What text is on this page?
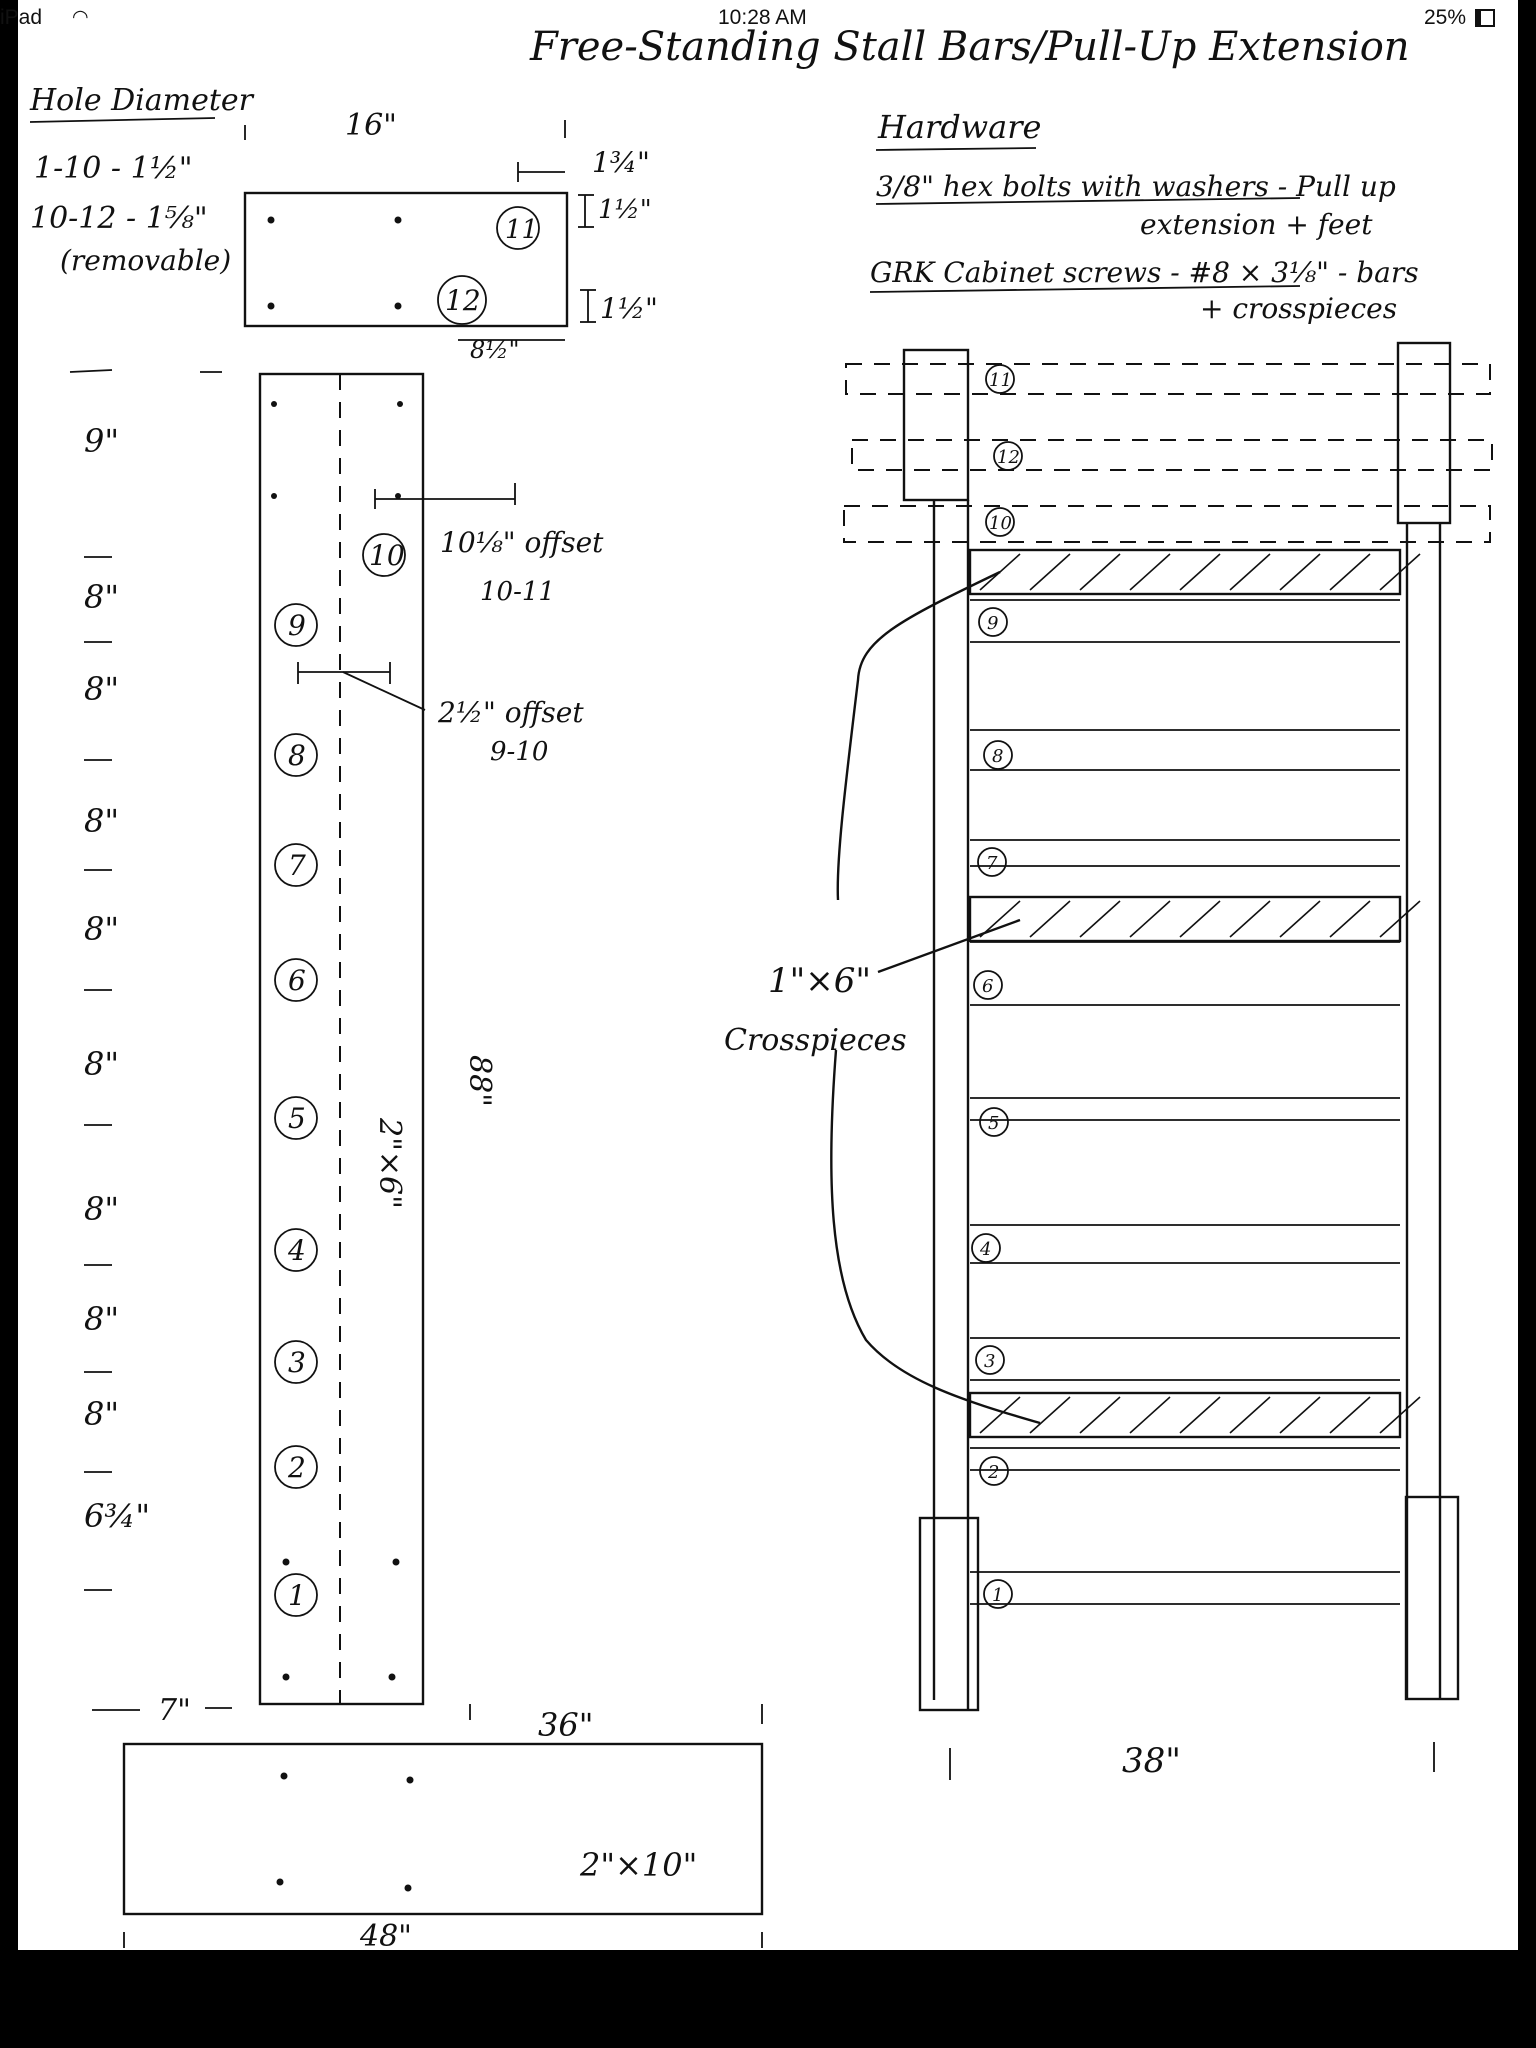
iPad ◠	10:28 AM	25%
Free-Standing Stall Bars/Pull-Up Extension
Hole Diameter
1-10 - 1½"
10-12 - 1⅝"
(removable)
16"
1¾"
1½"
1½"
8½"
11
12
2"×6"
88"
9"
8"
8"
8"
8"
8"
8"
8"
8"
6¾"
10
9
8
7
6
5
4
3
2
1
10⅛" offset
10-11
2½" offset
9-10
7"	36"
2"×10"
48"
Hardware
3/8" hex bolts with washers - Pull up
extension + feet
GRK Cabinet screws - #8 × 3⅛" - bars
+ crosspieces
11
12
10
9
8
7
6
5
4
3
2
1
1"×6"
Crosspieces
38"
